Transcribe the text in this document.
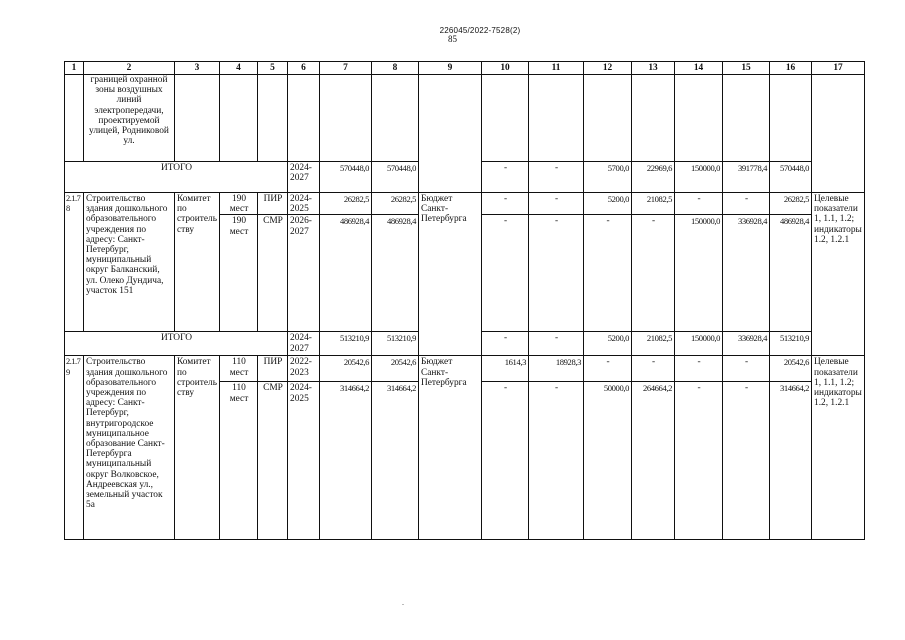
226045/2022-7528(2)
85
1	2	3	4	5	6	7	8	9	10	11	12	13	14	15	16	17
	границей охранной зоны воздушных линий электропередачи, проектируемой улицей, Родниковой ул.															
ИТОГО					2024-2027	570448,0	570448,0		-	-	5700,0	22969,6	150000,0	391778,4	570448,0	
2.1.78	Строительство здания дошкольного образовательного учреждения по адресу: Санкт-Петербург, муниципальный округ Балканский, ул. Олеко Дундича, участок 151	Комитет по строительству	190 мест	ПИР	2024-2025	26282,5	26282,5	Бюджет Санкт-Петербурга	-	-	5200,0	21082,5	-	-	26282,5	Целевые показатели 1, 1.1, 1.2; индикаторы 1.2, 1.2.1
			190 мест	СМР	2026-2027	486928,4	486928,4		-	-	-	-	150000,0	336928,4	486928,4	
ИТОГО					2024-2027	513210,9	513210,9		-	-	5200,0	21082,5	150000,0	336928,4	513210,9	
2.1.79	Строительство здания дошкольного образовательного учреждения по адресу: Санкт-Петербург, внутригородское муниципальное образование Санкт-Петербурга муниципальный округ Волковское, Андреевская ул., земельный участок 5а	Комитет по строительству	110 мест	ПИР	2022-2023	20542,6	20542,6	Бюджет Санкт-Петербурга	1614,3	18928,3	-	-	-	-	20542,6	Целевые показатели 1, 1.1, 1.2; индикаторы 1.2, 1.2.1
			110 мест	СМР	2024-2025	314664,2	314664,2		-	-	50000,0	264664,2	-	-	314664,2	
